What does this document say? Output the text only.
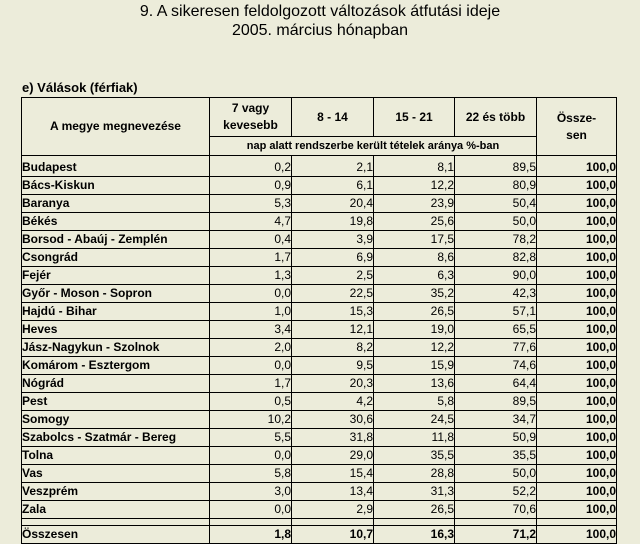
9. A sikeresen feldolgozott változások átfutási ideje
2005. március hónapban
e) Válások (férfiak)
A megye megnevezése	7 vagy kevesebb	8 - 14	15 - 21	22 és több	Össze-sen
	nap alatt rendszerbe került tételek aránya %-ban				
Budapest	0,2	2,1	8,1	89,5	100,0
Bács-Kiskun	0,9	6,1	12,2	80,9	100,0
Baranya	5,3	20,4	23,9	50,4	100,0
Békés	4,7	19,8	25,6	50,0	100,0
Borsod - Abaúj - Zemplén	0,4	3,9	17,5	78,2	100,0
Csongrád	1,7	6,9	8,6	82,8	100,0
Fejér	1,3	2,5	6,3	90,0	100,0
Győr - Moson - Sopron	0,0	22,5	35,2	42,3	100,0
Hajdú - Bihar	1,0	15,3	26,5	57,1	100,0
Heves	3,4	12,1	19,0	65,5	100,0
Jász-Nagykun - Szolnok	2,0	8,2	12,2	77,6	100,0
Komárom - Esztergom	0,0	9,5	15,9	74,6	100,0
Nógrád	1,7	20,3	13,6	64,4	100,0
Pest	0,5	4,2	5,8	89,5	100,0
Somogy	10,2	30,6	24,5	34,7	100,0
Szabolcs - Szatmár - Bereg	5,5	31,8	11,8	50,9	100,0
Tolna	0,0	29,0	35,5	35,5	100,0
Vas	5,8	15,4	28,8	50,0	100,0
Veszprém	3,0	13,4	31,3	52,2	100,0
Zala	0,0	2,9	26,5	70,6	100,0

Összesen	1,8	10,7	16,3	71,2	100,0
